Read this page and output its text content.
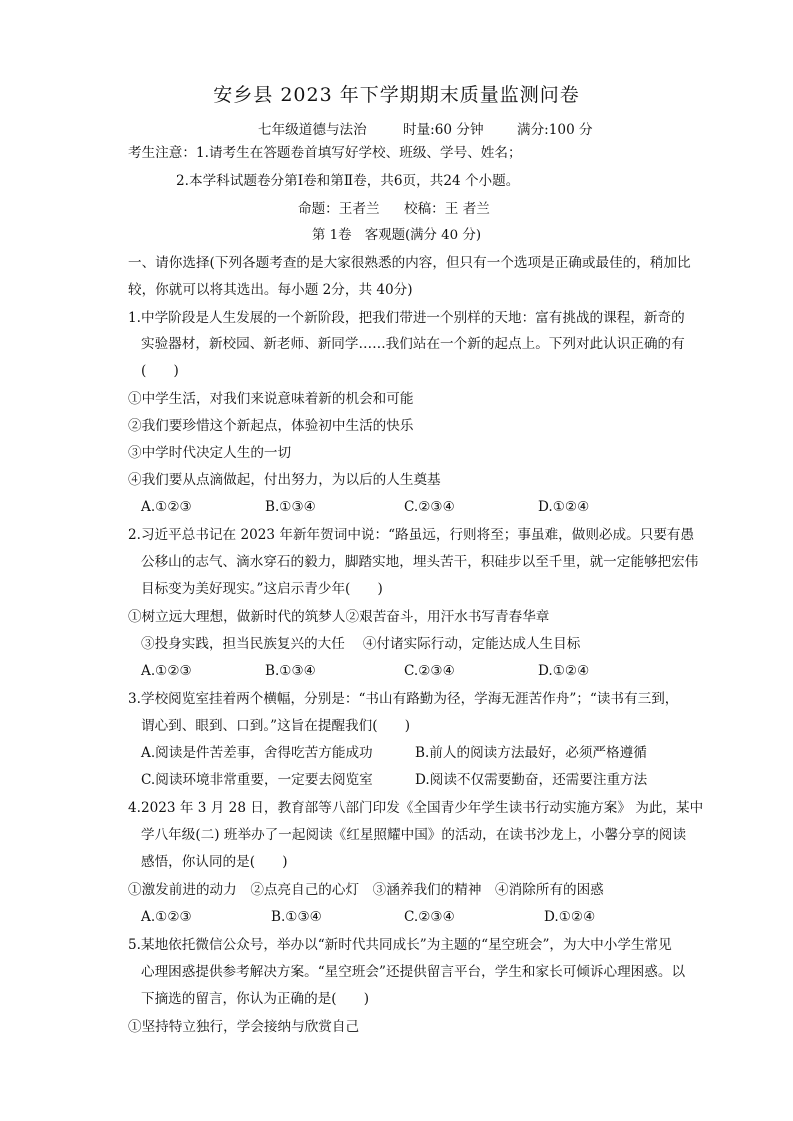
安乡县 2023 年下学期期末质量监测问卷
七年级道德与法治	时量:60 分钟 满分:100 分
考生注意：1.请考生在答题卷首填写好学校、班级、学号、姓名；
2.本学科试题卷分第Ⅰ卷和第Ⅱ卷，共6页，共24 个小题。
命题：王者兰 校稿：王 者兰
第 1卷　客观题(满分 40 分)
一、请你选择(下列各题考查的是大家很熟悉的内容，但只有一个选项是正确或最佳的，稍加比
较，你就可以将其选出。每小题 2分，共 40分)
1.中学阶段是人生发展的一个新阶段，把我们带进一个别样的天地：富有挑战的课程，新奇的
实验器材，新校园、新老师、新同学……我们站在一个新的起点上。下列对此认识正确的有
(　　)
①中学生活，对我们来说意味着新的机会和可能
②我们要珍惜这个新起点，体验初中生活的快乐
③中学时代决定人生的一切
④我们要从点滴做起，付出努力，为以后的人生奠基
A.①②③	B.①③④	C.②③④	D.①②④
2.习近平总书记在 2023 年新年贺词中说：“路虽远，行则将至；事虽难，做则必成。只要有愚
公移山的志气、滴水穿石的毅力，脚踏实地，埋头苦干，积硅步以至千里，就一定能够把宏伟
目标变为美好现实。”这启示青少年(　　)
①树立远大理想，做新时代的筑梦人②艰苦奋斗，用汗水书写青春华章
③投身实践，担当民族复兴的大任　 ④付诸实际行动，定能达成人生目标
A.①②③	B.①③④	C.②③④	D.①②④
3.学校阅览室挂着两个横幅，分别是：“书山有路勤为径，学海无涯苦作舟”；“读书有三到，
谓心到、眼到、口到。”这旨在提醒我们(　　)
A.阅读是件苦差事，舍得吃苦方能成功	B.前人的阅读方法最好，必须严格遵循
C.阅读环境非常重要，一定要去阅览室	D.阅读不仅需要勤奋，还需要注重方法
4.2023 年 3 月 28 日，教育部等八部门印发《全国青少年学生读书行动实施方案》 为此，某中
学八年级(二) 班举办了一起阅读《红星照耀中国》的活动，在读书沙龙上，小馨分享的阅读
感悟，你认同的是(　　)
①激发前进的动力　②点亮自己的心灯　③涵养我们的精神　④消除所有的困惑
A.①②③	B.①③④	C.②③④	D.①②④
5.某地依托微信公众号，举办以“新时代共同成长”为主题的“星空班会”，为大中小学生常见
心理困惑提供参考解决方案。“星空班会”还提供留言平台，学生和家长可倾诉心理困惑。以
下摘选的留言，你认为正确的是(　　)
①坚持特立独行，学会接纳与欣赏自己
